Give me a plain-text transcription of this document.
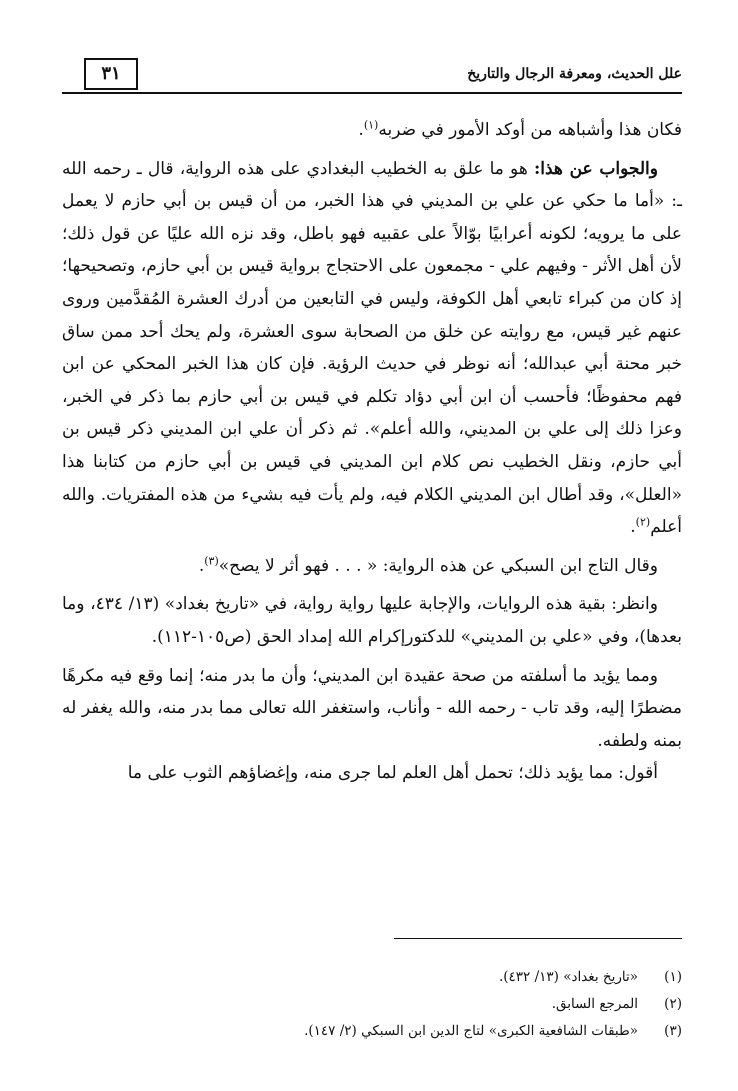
علل الحديث، ومعرفة الرجال والتاريخ
٣١

فكان هذا وأشباهه من أوكد الأمور في ضربه$^{(١)}$.

والجواب عن هذا: هو ما علق به الخطيب البغدادي على هذه الرواية، قال ـ رحمه الله ـ: «أما ما حكي عن علي بن المديني في هذا الخبر، من أن قيس بن أبي حازم لا يعمل على ما يرويه؛ لكونه أعرابيًا بوّالاً على عقبيه فهو باطل، وقد نزه الله عليًا عن قول ذلك؛ لأن أهل الأثر - وفيهم علي - مجمعون على الاحتجاج برواية قيس بن أبي حازم، وتصحيحها؛ إذ كان من كبراء تابعي أهل الكوفة، وليس في التابعين من أدرك العشرة المُقدَّمين وروى عنهم غير قيس، مع روايته عن خلق من الصحابة سوى العشرة، ولم يحك أحد ممن ساق خبر محنة أبي عبدالله؛ أنه نوظر في حديث الرؤية. فإن كان هذا الخبر المحكي عن ابن فهم محفوظًا؛ فأحسب أن ابن أبي دؤاد تكلم في قيس بن أبي حازم بما ذكر في الخبر، وعزا ذلك إلى علي بن المديني، والله أعلم». ثم ذكر أن علي ابن المديني ذكر قيس بن أبي حازم، ونقل الخطيب نص كلام ابن المديني في قيس بن أبي حازم من كتابنا هذا «العلل»، وقد أطال ابن المديني الكلام فيه، ولم يأت فيه بشيء من هذه المفتريات. والله أعلم$^{(٢)}$.

وقال التاج ابن السبكي عن هذه الرواية: « . . . فهو أثر لا يصح»$^{(٣)}$.

وانظر: بقية هذه الروايات، والإجابة عليها رواية رواية، في «تاريخ بغداد» (١٣/ ٤٣٤، وما بعدها)، وفي «علي بن المديني» للدكتورإكرام الله إمداد الحق (ص١٠٥-١١٢).

ومما يؤيد ما أسلفته من صحة عقيدة ابن المديني؛ وأن ما بدر منه؛ إنما وقع فيه مكرهًا مضطرًا إليه، وقد تاب - رحمه الله - وأناب، واستغفر الله تعالى مما بدر منه، والله يغفر له بمنه ولطفه.

أقول: مما يؤيد ذلك؛ تحمل أهل العلم لما جرى منه، وإغضاؤهم الثوب على ما

(١)
«تاريخ بغداد» (١٣/ ٤٣٢).
(٢)
المرجع السابق.
(٣)
«طبقات الشافعية الكبرى» لتاج الدين ابن السبكي (٢/ ١٤٧).
